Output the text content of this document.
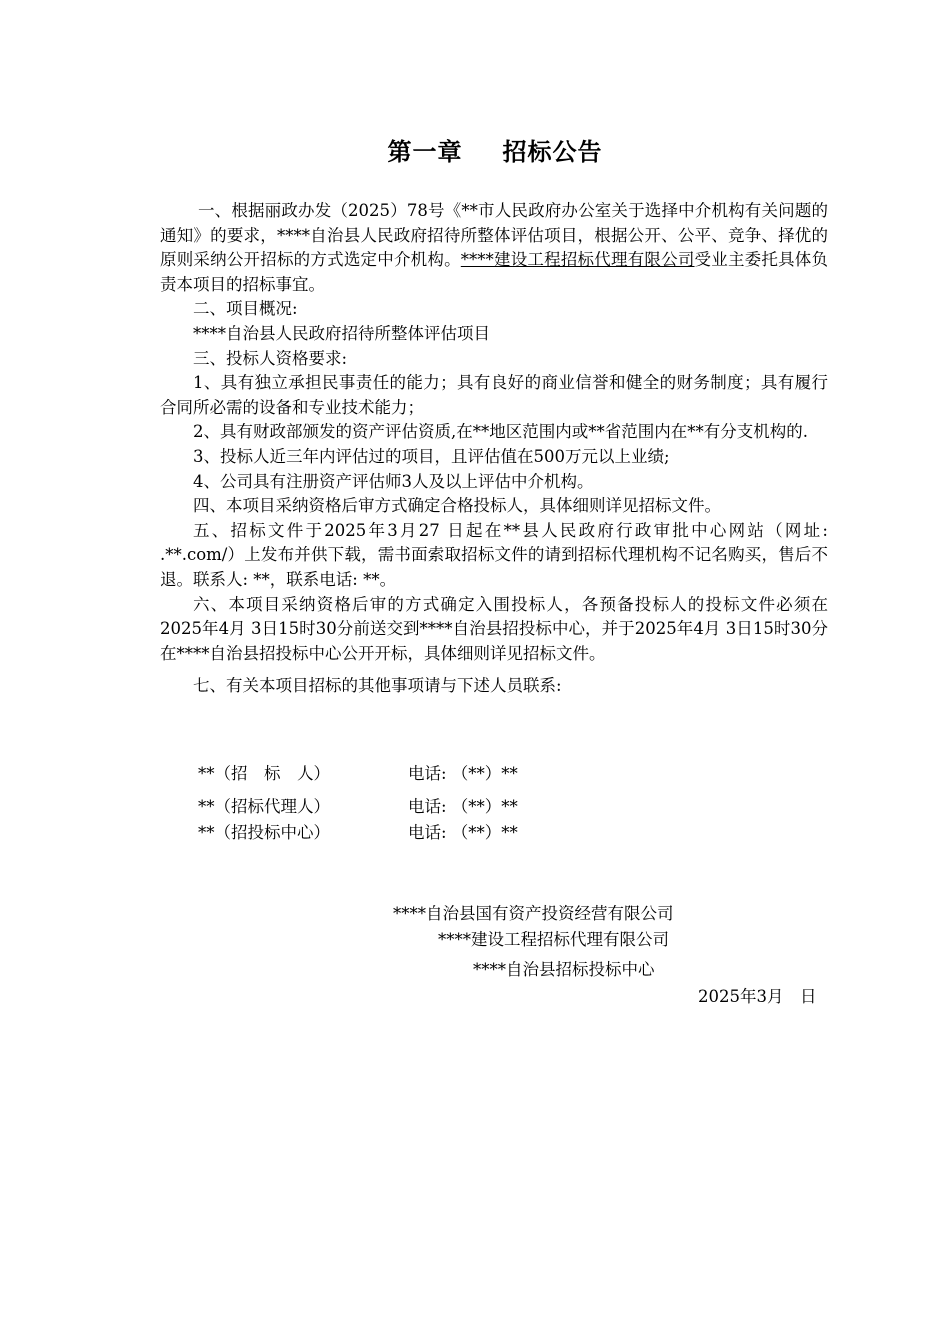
第一章 招标公告

一、根据丽政办发（2025）78号《**市人民政府办公室关于选择中介机构有关问题的通知》的要求，****自治县人民政府招待所整体评估项目，根据公开、公平、竞争、择优的原则采纳公开招标的方式选定中介机构。****建设工程招标代理有限公司受业主委托具体负责本项目的招标事宜。

二、项目概况:

****自治县人民政府招待所整体评估项目

三、投标人资格要求:

1、具有独立承担民事责任的能力；具有良好的商业信誉和健全的财务制度；具有履行合同所必需的设备和专业技术能力；

2、具有财政部颁发的资产评估资质,在**地区范围内或**省范围内在**有分支机构的.

3、投标人近三年内评估过的项目，且评估值在500万元以上业绩;

4、公司具有注册资产评估师3人及以上评估中介机构。

四、本项目采纳资格后审方式确定合格投标人，具体细则详见招标文件。

五、招标文件于2025年3月27 日起在**县人民政府行政审批中心网站（网址: .**.com/）上发布并供下载，需书面索取招标文件的请到招标代理机构不记名购买，售后不退。联系人: **，联系电话: **。

六、本项目采纳资格后审的方式确定入围投标人，各预备投标人的投标文件必须在2025年4月 3日15时30分前送交到****自治县招投标中心，并于2025年4月 3日15时30分在****自治县招投标中心公开开标，具体细则详见招标文件。

七、有关本项目招标的其他事项请与下述人员联系:

**（招　标　人）	电话: （**）**
**（招标代理人）	电话: （**）**
**（招投标中心）	电话: （**）**
****自治县国有资产投资经营有限公司
****建设工程招标代理有限公司
****自治县招标投标中心
2025年3月　日
